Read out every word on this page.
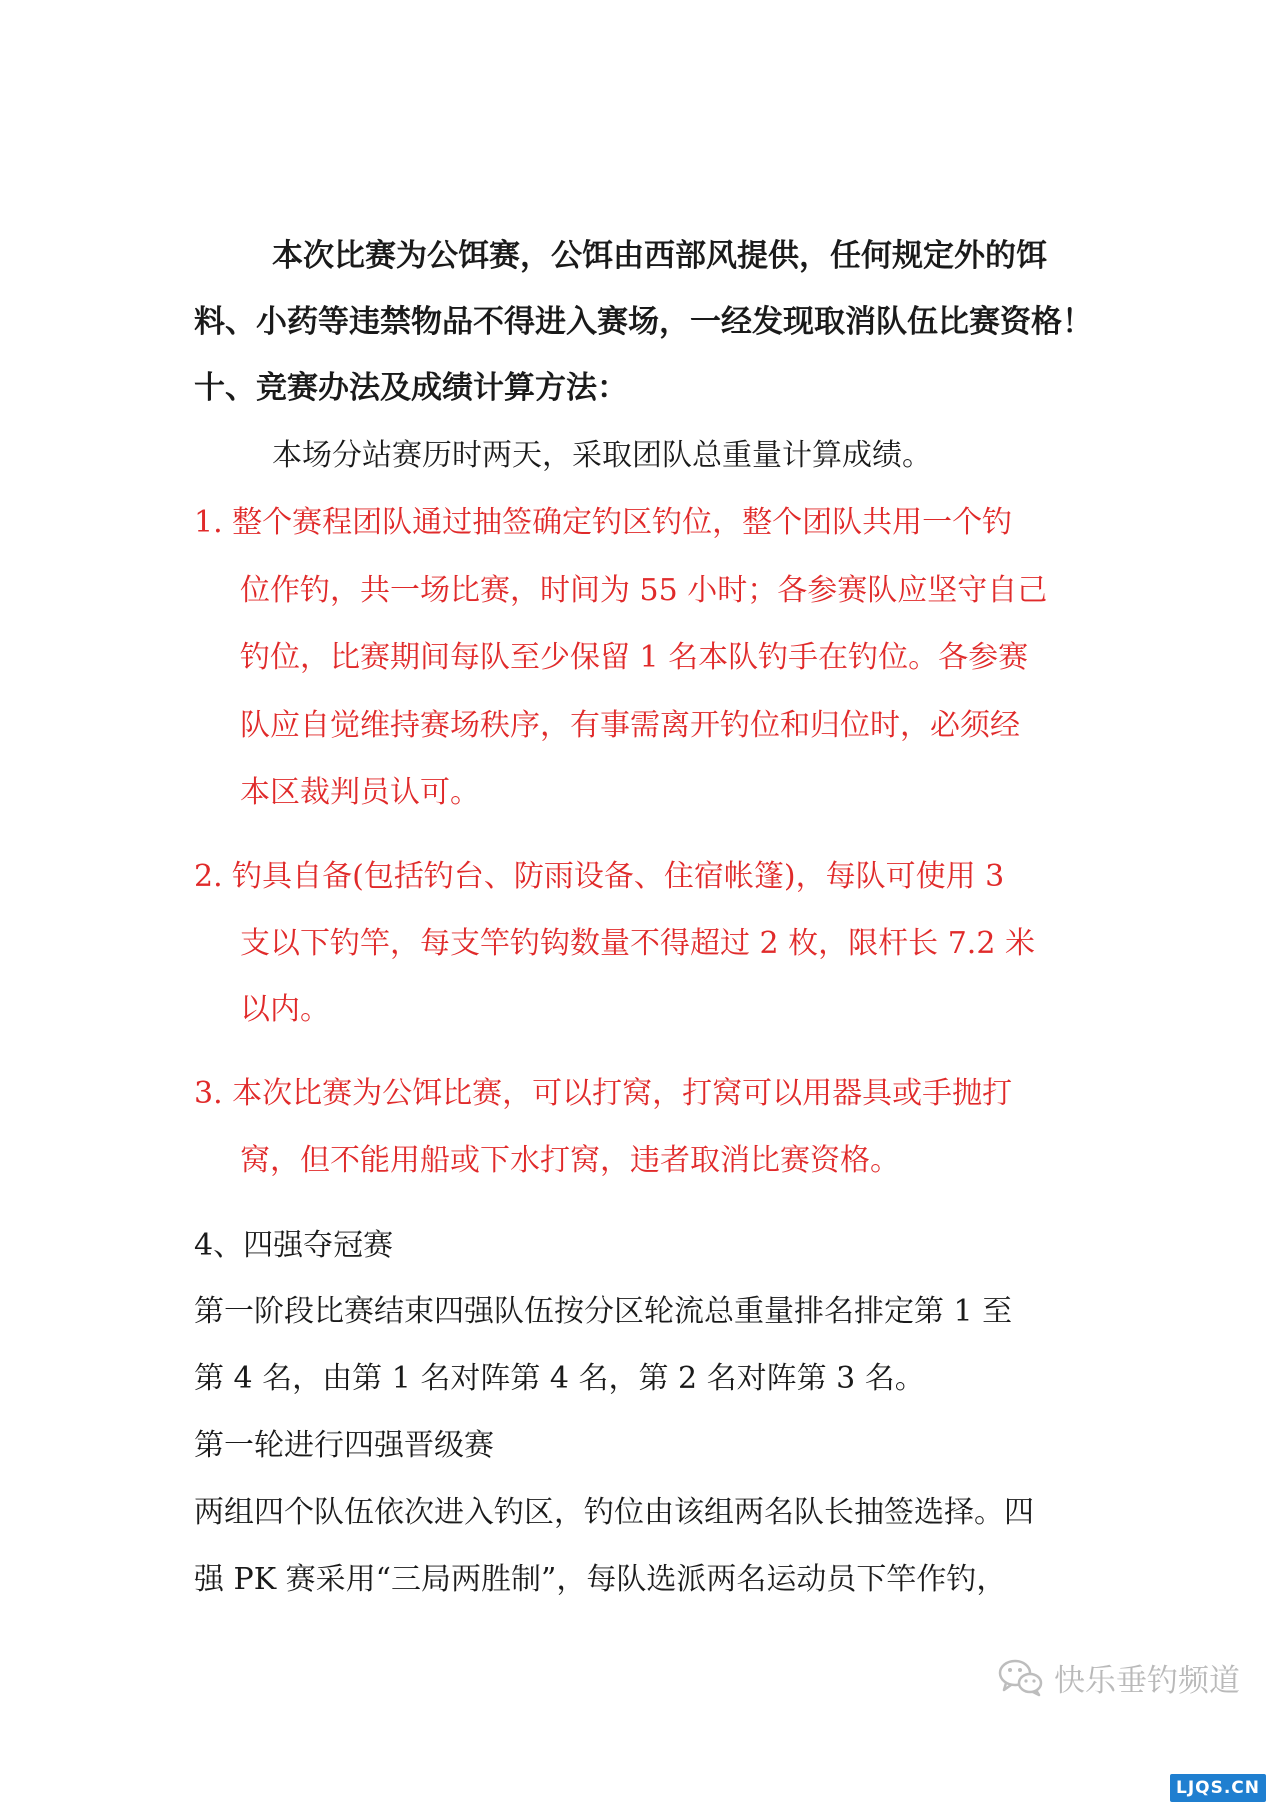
本次比赛为公饵赛，公饵由西部风提供，任何规定外的饵
料、小药等违禁物品不得进入赛场，一经发现取消队伍比赛资格！
十、竞赛办法及成绩计算方法：
本场分站赛历时两天，采取团队总重量计算成绩。
1. 整个赛程团队通过抽签确定钓区钓位，整个团队共用一个钓
位作钓，共一场比赛，时间为 55 小时；各参赛队应坚守自己
钓位，比赛期间每队至少保留 1 名本队钓手在钓位。各参赛
队应自觉维持赛场秩序，有事需离开钓位和归位时，必须经
本区裁判员认可。
2. 钓具自备(包括钓台、防雨设备、住宿帐篷)，每队可使用 3
支以下钓竿，每支竿钓钩数量不得超过 2 枚，限杆长 7.2 米
以内。
3. 本次比赛为公饵比赛，可以打窝，打窝可以用器具或手抛打
窝，但不能用船或下水打窝，违者取消比赛资格。
4、四强夺冠赛
第一阶段比赛结束四强队伍按分区轮流总重量排名排定第 1 至
第 4 名，由第 1 名对阵第 4 名，第 2 名对阵第 3 名。
第一轮进行四强晋级赛
两组四个队伍依次进入钓区，钓位由该组两名队长抽签选择。四
强 PK 赛采用“三局两胜制”，每队选派两名运动员下竿作钓，
快乐垂钓频道
LJQS.CN
